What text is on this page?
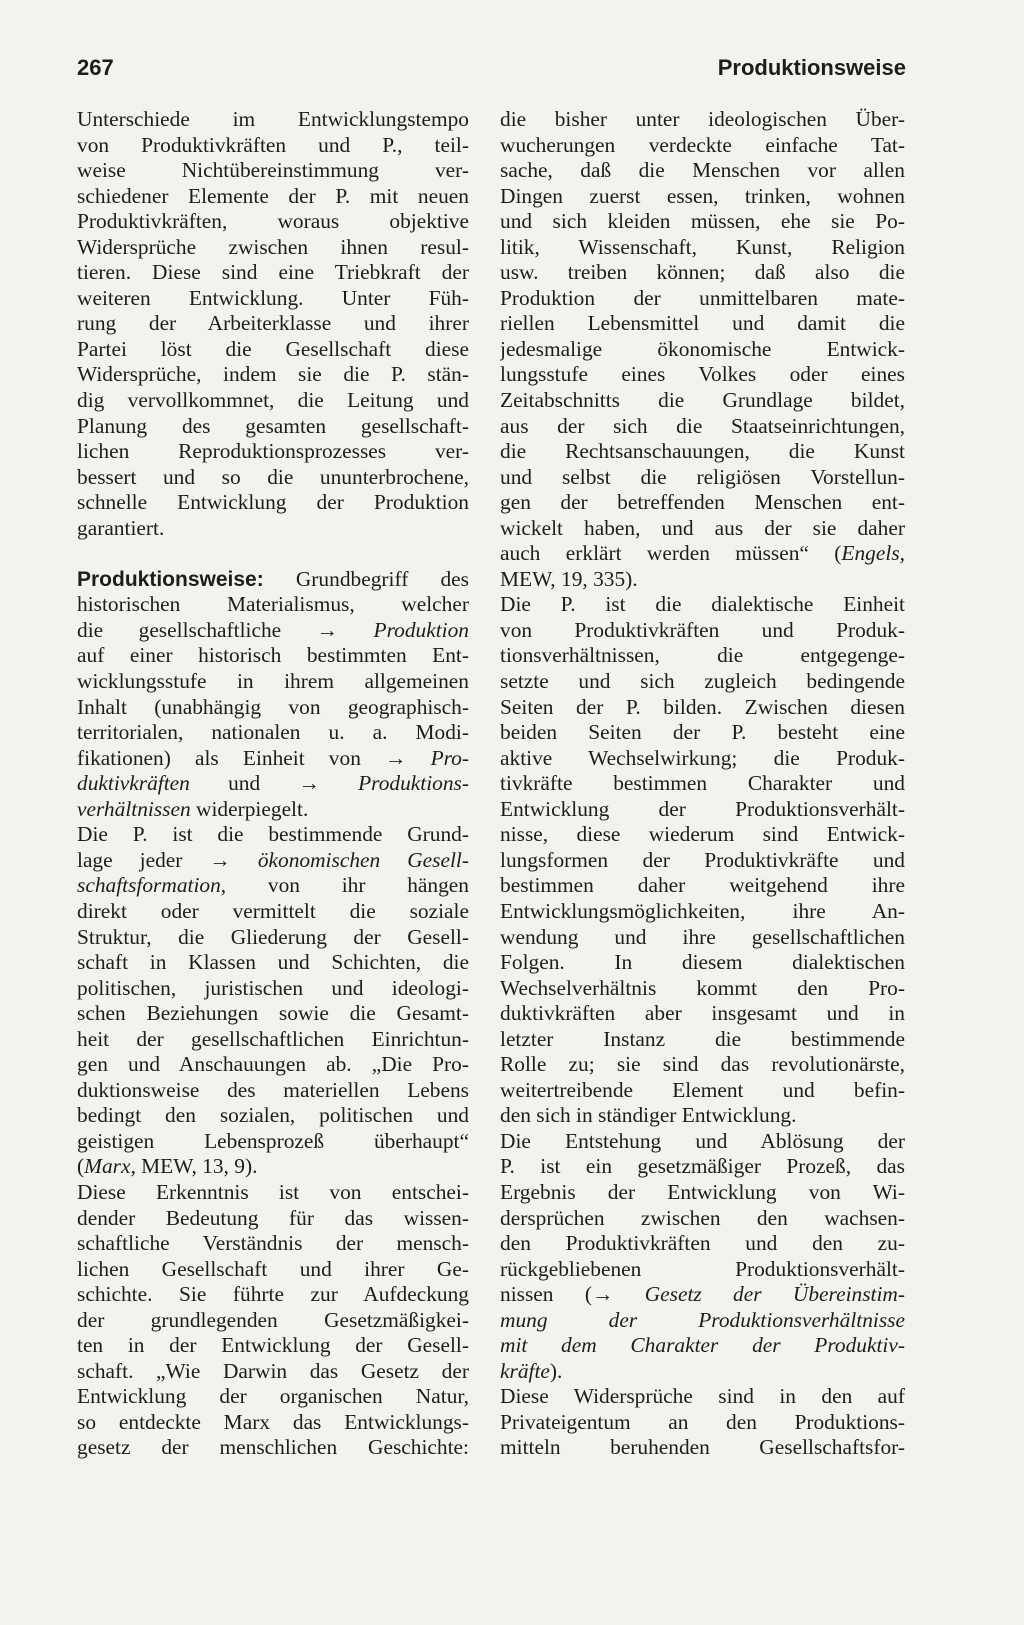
267	Produktionsweise
Unterschiede im Entwicklungstempo
von Produktivkräften und P., teil-
weise Nichtübereinstimmung ver-
schiedener Elemente der P. mit neuen
Produktivkräften, woraus objektive
Widersprüche zwischen ihnen resul-
tieren. Diese sind eine Triebkraft der
weiteren Entwicklung. Unter Füh-
rung der Arbeiterklasse und ihrer
Partei löst die Gesellschaft diese
Widersprüche, indem sie die P. stän-
dig vervollkommnet, die Leitung und
Planung des gesamten gesellschaft-
lichen Reproduktionsprozesses ver-
bessert und so die ununterbrochene,
schnelle Entwicklung der Produktion
garantiert.
Produktionsweise: Grundbegriff des
historischen Materialismus, welcher
die gesellschaftliche → Produktion
auf einer historisch bestimmten Ent-
wicklungsstufe in ihrem allgemeinen
Inhalt (unabhängig von geographisch-
territorialen, nationalen u. a. Modi-
fikationen) als Einheit von → Pro-
duktivkräften und → Produktions-
verhältnissen widerpiegelt.
Die P. ist die bestimmende Grund-
lage jeder → ökonomischen Gesell-
schaftsformation, von ihr hängen
direkt oder vermittelt die soziale
Struktur, die Gliederung der Gesell-
schaft in Klassen und Schichten, die
politischen, juristischen und ideologi-
schen Beziehungen sowie die Gesamt-
heit der gesellschaftlichen Einrichtun-
gen und Anschauungen ab. „Die Pro-
duktionsweise des materiellen Lebens
bedingt den sozialen, politischen und
geistigen Lebensprozeß überhaupt“
(Marx, MEW, 13, 9).
Diese Erkenntnis ist von entschei-
dender Bedeutung für das wissen-
schaftliche Verständnis der mensch-
lichen Gesellschaft und ihrer Ge-
schichte. Sie führte zur Aufdeckung
der grundlegenden Gesetzmäßigkei-
ten in der Entwicklung der Gesell-
schaft. „Wie Darwin das Gesetz der
Entwicklung der organischen Natur,
so entdeckte Marx das Entwicklungs-
gesetz der menschlichen Geschichte:
die bisher unter ideologischen Über-
wucherungen verdeckte einfache Tat-
sache, daß die Menschen vor allen
Dingen zuerst essen, trinken, wohnen
und sich kleiden müssen, ehe sie Po-
litik, Wissenschaft, Kunst, Religion
usw. treiben können; daß also die
Produktion der unmittelbaren mate-
riellen Lebensmittel und damit die
jedesmalige ökonomische Entwick-
lungsstufe eines Volkes oder eines
Zeitabschnitts die Grundlage bildet,
aus der sich die Staatseinrichtungen,
die Rechtsanschauungen, die Kunst
und selbst die religiösen Vorstellun-
gen der betreffenden Menschen ent-
wickelt haben, und aus der sie daher
auch erklärt werden müssen“ (Engels,
MEW, 19, 335).
Die P. ist die dialektische Einheit
von Produktivkräften und Produk-
tionsverhältnissen, die entgegenge-
setzte und sich zugleich bedingende
Seiten der P. bilden. Zwischen diesen
beiden Seiten der P. besteht eine
aktive Wechselwirkung; die Produk-
tivkräfte bestimmen Charakter und
Entwicklung der Produktionsverhält-
nisse, diese wiederum sind Entwick-
lungsformen der Produktivkräfte und
bestimmen daher weitgehend ihre
Entwicklungsmöglichkeiten, ihre An-
wendung und ihre gesellschaftlichen
Folgen. In diesem dialektischen
Wechselverhältnis kommt den Pro-
duktivkräften aber insgesamt und in
letzter Instanz die bestimmende
Rolle zu; sie sind das revolutionärste,
weitertreibende Element und befin-
den sich in ständiger Entwicklung.
Die Entstehung und Ablösung der
P. ist ein gesetzmäßiger Prozeß, das
Ergebnis der Entwicklung von Wi-
dersprüchen zwischen den wachsen-
den Produktivkräften und den zu-
rückgebliebenen Produktionsverhält-
nissen (→ Gesetz der Übereinstim-
mung der Produktionsverhältnisse
mit dem Charakter der Produktiv-
kräfte).
Diese Widersprüche sind in den auf
Privateigentum an den Produktions-
mitteln beruhenden Gesellschaftsfor-
